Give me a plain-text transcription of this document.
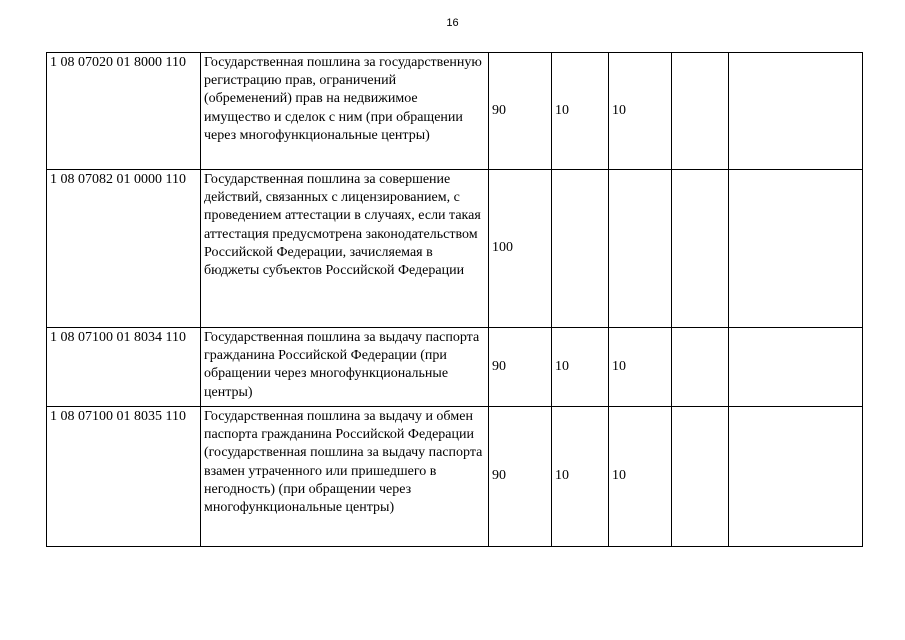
16
1 08 07020 01 8000 110	Государственная пошлина за государственную регистрацию прав, ограничений (обременений) прав на недвижимое имущество и сделок с ним (при обращении через многофункциональные центры)	90	10	10		
1 08 07082 01 0000 110	Государственная пошлина за совершение действий, связанных с лицензированием, с проведением аттестации в случаях, если такая аттестация предусмотрена законодательством Российской Федерации, зачисляемая в бюджеты субъектов Российской Федерации	100				
1 08 07100 01 8034 110	Государственная пошлина за выдачу паспорта гражданина Российской Федерации (при обращении через многофункциональные центры)	90	10	10		
1 08 07100 01 8035 110	Государственная пошлина за выдачу и обмен паспорта гражданина Российской Федерации (государственная пошлина за выдачу паспорта взамен утраченного или пришедшего в негодность) (при обращении через многофункциональные центры)	90	10	10		
